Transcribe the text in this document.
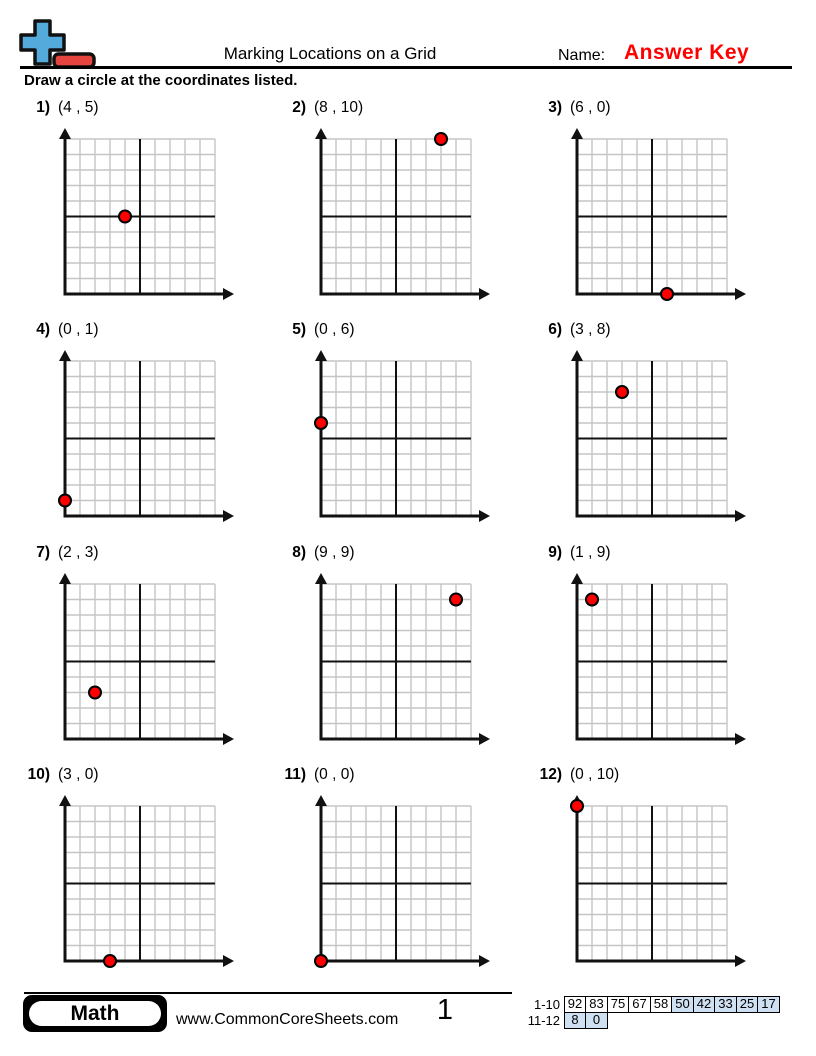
Marking Locations on a Grid	Name: Answer Key
Draw a circle at the coordinates listed.
1) (4 , 5)	2) (8 , 10)	3) (6 , 0)
4) (0 , 1)	5) (0 , 6)	6) (3 , 8)
7) (2 , 3)	8) (9 , 9)	9) (1 , 9)
10) (3 , 0)	11) (0 , 0)	12) (0 , 10)
Math	www.CommonCoreSheets.com 1	1-10 92 83 75 67 58 50 42 33 25 17
11-12 8	0
